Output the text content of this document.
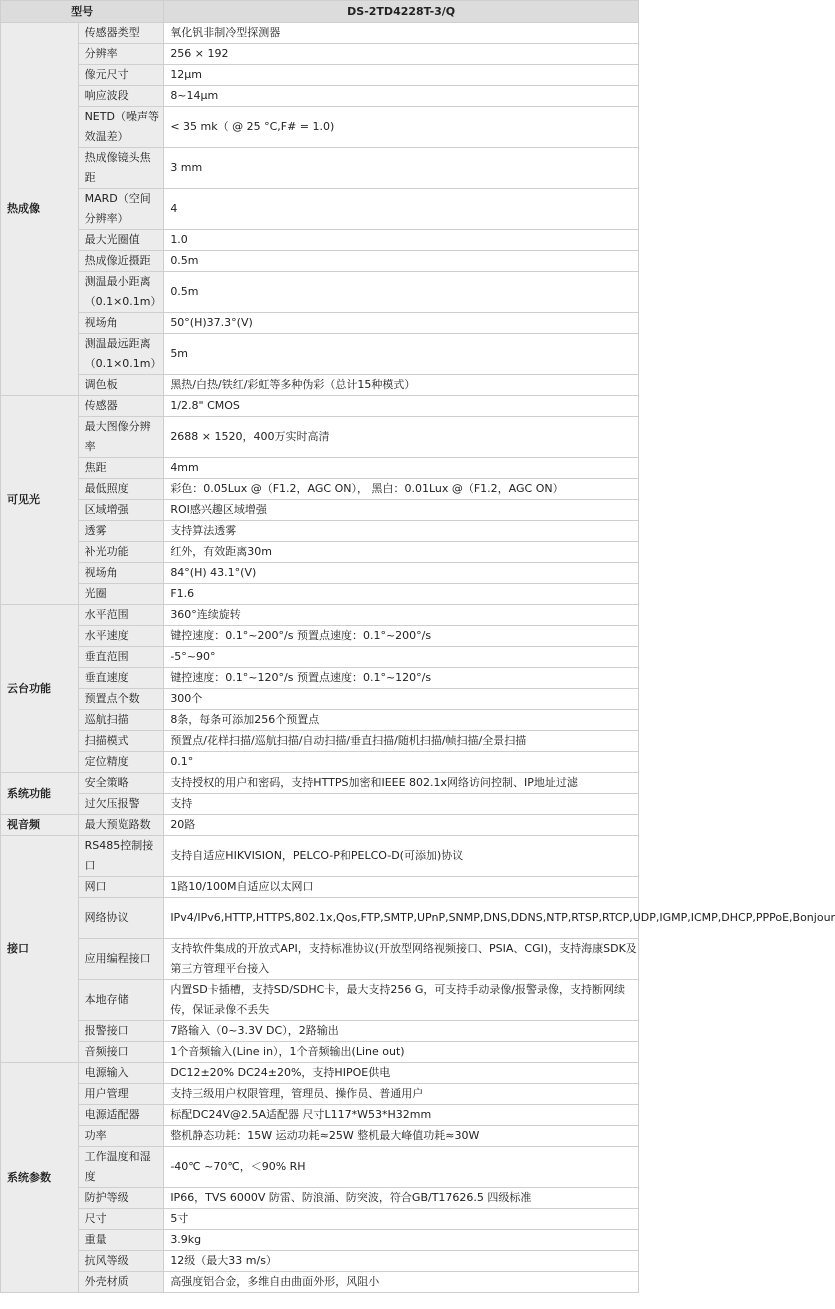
型号		DS-2TD4228T-3/Q
热成像	传感器类型	氧化钒非制冷型探测器
	分辨率	256 × 192
	像元尺寸	12μm
	响应波段	8~14μm
	NETD（噪声等效温差）	< 35 mk（ @ 25 °C,F# = 1.0)
	热成像镜头焦距	3 mm
	MARD（空间分辨率）	4
	最大光圈值	1.0
	热成像近摄距	0.5m
	测温最小距离（0.1×0.1m）	0.5m
	视场角	50°(H)37.3°(V)
	测温最远距离（0.1×0.1m）	5m
	调色板	黑热/白热/铁红/彩虹等多种伪彩（总计15种模式）
可见光	传感器	1/2.8" CMOS
	最大图像分辨率	2688 × 1520，400万实时高清
	焦距	4mm
	最低照度	彩色：0.05Lux @（F1.2，AGC ON）， 黑白：0.01Lux @（F1.2，AGC ON）
	区域增强	ROI感兴趣区域增强
	透雾	支持算法透雾
	补光功能	红外，有效距离30m
	视场角	84°(H) 43.1°(V)
	光圈	F1.6
云台功能	水平范围	360°连续旋转
	水平速度	键控速度：0.1°~200°/s 预置点速度：0.1°~200°/s
	垂直范围	-5°~90°
	垂直速度	键控速度：0.1°~120°/s 预置点速度：0.1°~120°/s
	预置点个数	300个
	巡航扫描	8条，每条可添加256个预置点
	扫描模式	预置点/花样扫描/巡航扫描/自动扫描/垂直扫描/随机扫描/帧扫描/全景扫描
	定位精度	0.1°
系统功能	安全策略	支持授权的用户和密码，支持HTTPS加密和IEEE 802.1x网络访问控制、IP地址过滤
	过欠压报警	支持
视音频	最大预览路数	20路
接口	RS485控制接口	支持自适应HIKVISION，PELCO-P和PELCO-D(可添加)协议
	网口	1路10/100M自适应以太网口
	网络协议	IPv4/IPv6,HTTP,HTTPS,802.1x,Qos,FTP,SMTP,UPnP,SNMP,DNS,DDNS,NTP,RTSP,RTCP,UDP,IGMP,ICMP,DHCP,PPPoE,Bonjour
	应用编程接口	支持软件集成的开放式API，支持标准协议(开放型网络视频接口、PSIA、CGI)，支持海康SDK及第三方管理平台接入
	本地存储	内置SD卡插槽，支持SD/SDHC卡，最大支持256 G，可支持手动录像/报警录像，支持断网续传，保证录像不丢失
	报警接口	7路输入（0~3.3V DC），2路输出
	音频接口	1个音频输入(Line in），1个音频输出(Line out)
系统参数	电源输入	DC12±20% DC24±20%，支持HIPOE供电
	用户管理	支持三级用户权限管理，管理员、操作员、普通用户
	电源适配器	标配DC24V@2.5A适配器 尺寸L117*W53*H32mm
	功率	整机静态功耗：15W 运动功耗≈25W 整机最大峰值功耗≈30W
	工作温度和湿度	-40℃ ~70℃，＜90% RH
	防护等级	IP66，TVS 6000V 防雷、防浪涌、防突波，符合GB/T17626.5 四级标准
	尺寸	5寸
	重量	3.9kg
	抗风等级	12级（最大33 m/s）
	外壳材质	高强度铝合金，多维自由曲面外形，风阻小
